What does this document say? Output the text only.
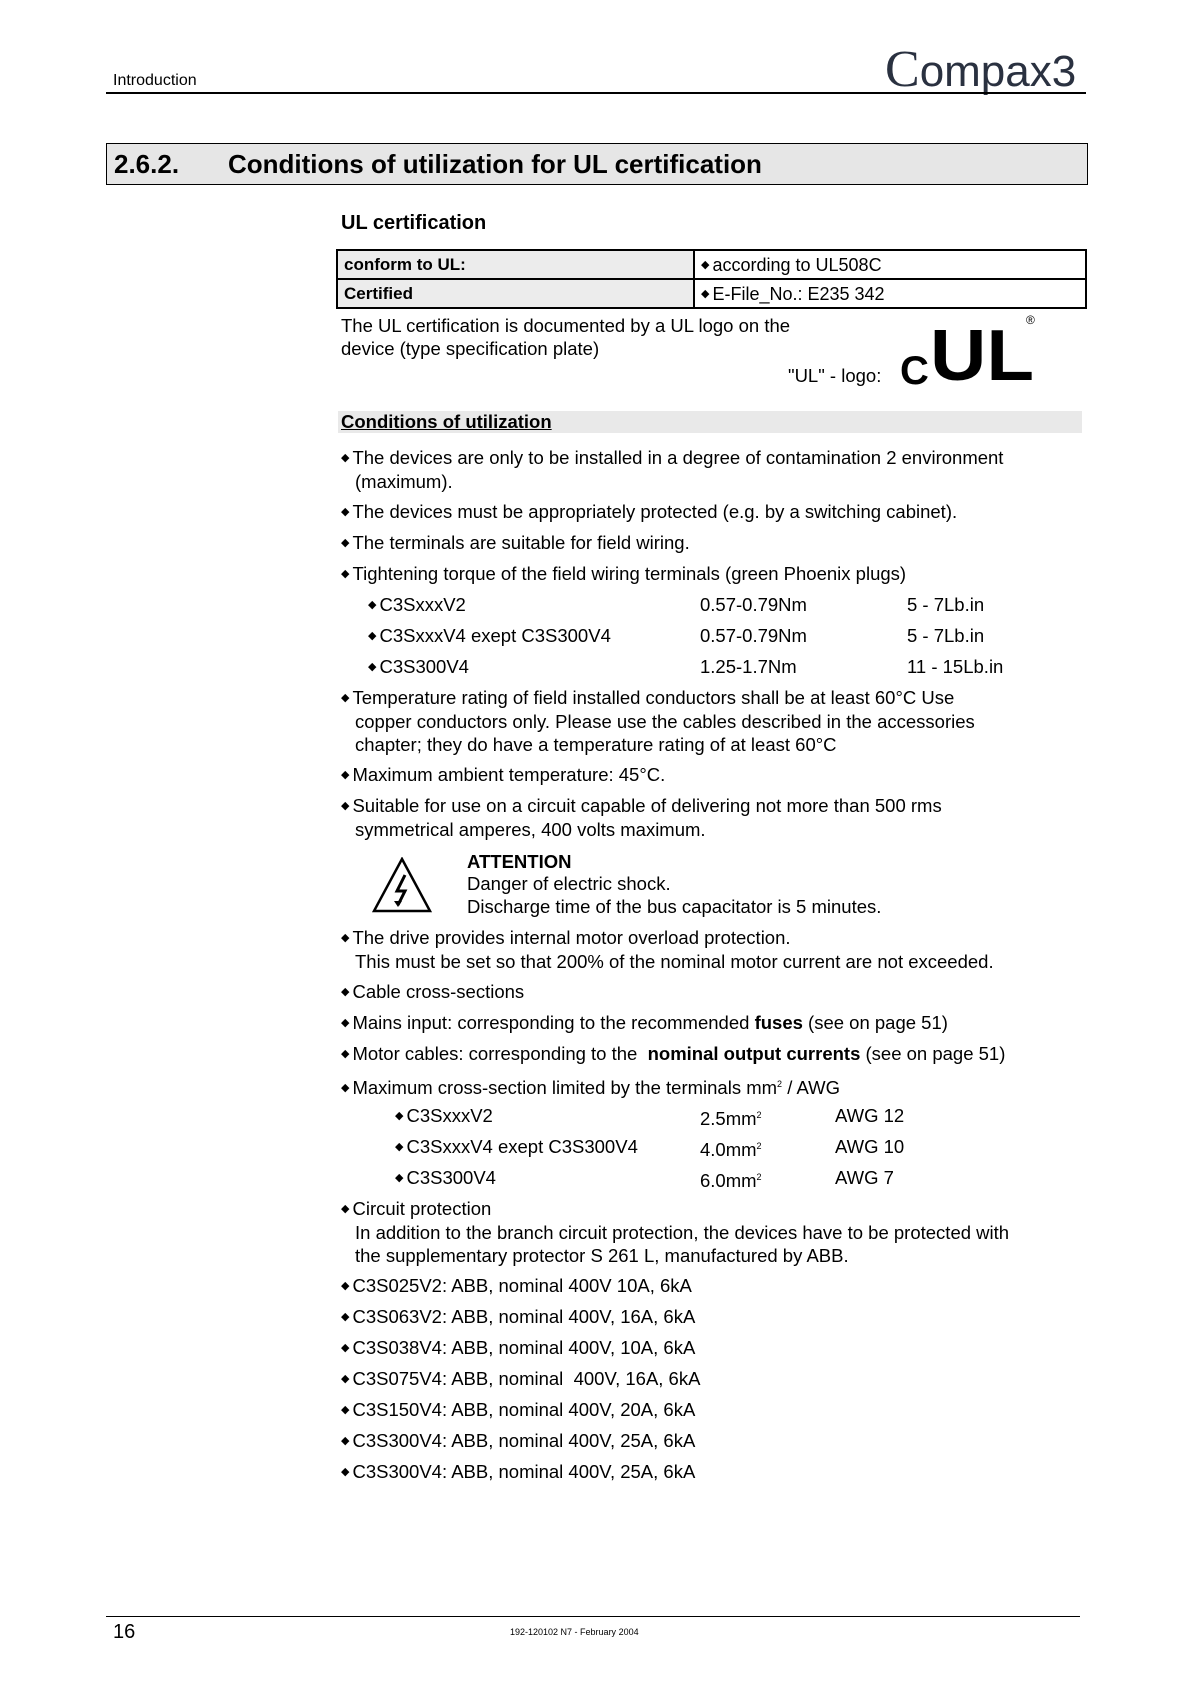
Introduction	Compax3
2.6.2. Conditions of utilization for UL certification
UL certification
conform to UL:	◆ according to UL508C
Certified	◆ E-File_No.: E235 342
The UL certification is documented by a UL logo on the
device (type specification plate)
"UL" - logo: C UL
®
Conditions of utilization
◆ The devices are only to be installed in a degree of contamination 2 environment
(maximum).
◆ The devices must be appropriately protected (e.g. by a switching cabinet).
◆ The terminals are suitable for field wiring.
◆ Tightening torque of the field wiring terminals (green Phoenix plugs)
◆ C3SxxxV2	0.57-0.79Nm	5 - 7Lb.in
◆ C3SxxxV4 exept C3S300V4	0.57-0.79Nm	5 - 7Lb.in
◆ C3S300V4	1.25-1.7Nm	11 - 15Lb.in
◆ Temperature rating of field installed conductors shall be at least 60°C Use
copper conductors only. Please use the cables described in the accessories
chapter; they do have a temperature rating of at least 60°C
◆ Maximum ambient temperature: 45°C.
◆ Suitable for use on a circuit capable of delivering not more than 500 rms
symmetrical amperes, 400 volts maximum.
ATTENTION
Danger of electric shock.
Discharge time of the bus capacitator is 5 minutes.
◆ The drive provides internal motor overload protection.
This must be set so that 200% of the nominal motor current are not exceeded.
◆ Cable cross-sections
◆ Mains input: corresponding to the recommended fuses (see on page 51)
◆ Motor cables: corresponding to the  nominal output currents (see on page 51)
◆ Maximum cross-section limited by the terminals $mm^2$ / AWG
◆ C3SxxxV2	$2.5mm^2$	AWG 12
◆ C3SxxxV4 exept C3S300V4	$4.0mm^2$	AWG 10
◆ C3S300V4	$6.0mm^2$	AWG 7
◆ Circuit protection
In addition to the branch circuit protection, the devices have to be protected with
the supplementary protector S 261 L, manufactured by ABB.
◆ C3S025V2: ABB, nominal 400V 10A, 6kA
◆ C3S063V2: ABB, nominal 400V, 16A, 6kA
◆ C3S038V4: ABB, nominal 400V, 10A, 6kA
◆ C3S075V4: ABB, nominal  400V, 16A, 6kA
◆ C3S150V4: ABB, nominal 400V, 20A, 6kA
◆ C3S300V4: ABB, nominal 400V, 25A, 6kA
◆ C3S300V4: ABB, nominal 400V, 25A, 6kA
16	192-120102 N7 - February 2004
